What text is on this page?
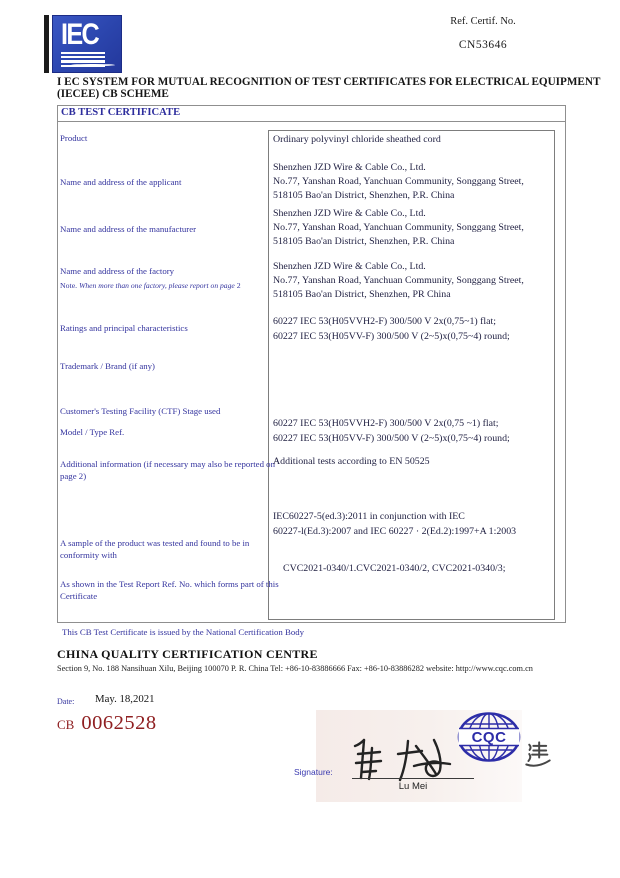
IEC	Ref. Certif. No.
CN53646
I EC SYSTEM FOR MUTUAL RECOGNITION OF TEST CERTIFICATES FOR ELECTRICAL EQUIPMENT
(IECEE) CB SCHEME
CB TEST CERTIFICATE
Product	Ordinary polyvinyl chloride sheathed cord
Name and address of the applicant
Shenzhen JZD Wire & Cable Co., Ltd.
No.77, Yanshan Road, Yanchuan Community, Songgang Street,
518105 Bao'an District, Shenzhen, P.R. China
Name and address of the manufacturer
Shenzhen JZD Wire & Cable Co., Ltd.
No.77, Yanshan Road, Yanchuan Community, Songgang Street,
518105 Bao'an District, Shenzhen, P.R. China
Name and address of the factory
Note. When more than one factory, please report on page 2
Shenzhen JZD Wire & Cable Co., Ltd.
No.77, Yanshan Road, Yanchuan Community, Songgang Street,
518105 Bao'an District, Shenzhen, PR China
Ratings and principal characteristics
60227 IEC 53(H05VVH2-F) 300/500 V 2x(0,75~1) flat;
60227 IEC 53(H05VV-F) 300/500 V (2~5)x(0,75~4) round;
Trademark / Brand (if any)
Customer's Testing Facility (CTF) Stage used
Model / Type Ref.
60227 IEC 53(H05VVH2-F) 300/500 V 2x(0,75 ~1) flat;
60227 IEC 53(H05VV-F) 300/500 V (2~5)x(0,75~4) round;
Additional information (if necessary may also be reported on page 2)
Additional tests according to EN 50525
A sample of the product was tested and found to be in conformity with
IEC60227-5(ed.3):2011 in conjunction with IEC
60227-l(Ed.3):2007 and IEC 60227 · 2(Ed.2):1997+A 1:2003
As shown in the Test Report Ref. No. which forms part of this Certificate
CVC2021-0340/1.CVC2021-0340/2, CVC2021-0340/3;
This CB Test Certificate is issued by the National Certification Body
CHINA QUALITY CERTIFICATION CENTRE
Section 9, No. 188 Nansihuan Xilu, Beijing 100070 P. R. China Tel: +86-10-83886666 Fax: +86-10-83886282 website: http://www.cqc.com.cn
Date: May. 18,2021
CB 0062528
Signature:
Lu Mei
CQC
